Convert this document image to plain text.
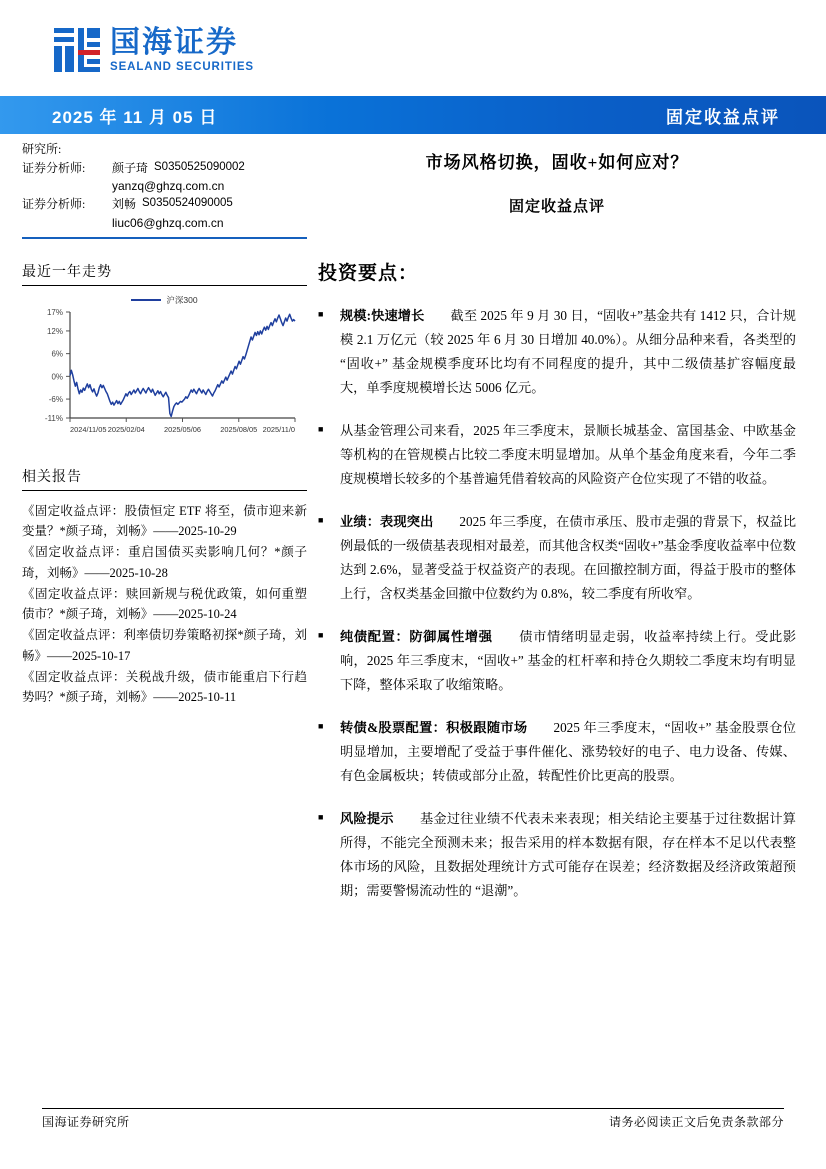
国海证券
SEALAND SECURITIES
2025 年 11 月 05 日	固定收益点评
研究所:
证券分析师:	颜子琦 S0350525090002
yanzq@ghzq.com.cn
证券分析师:	刘畅 S0350524090005
liuc06@ghzq.com.cn
最近一年走势
沪深300
17%
12%
6%
0%
-6%
-11%
2024/11/05 2025/02/04	2025/05/06	2025/08/05 2025/11/0
相关报告
《固定收益点评：股债恒定 ETF 将至，债市迎来新变量？*颜子琦，刘畅》——2025-10-29
《固定收益点评：重启国债买卖影响几何？*颜子琦，刘畅》——2025-10-28
《固定收益点评：赎回新规与税优政策，如何重塑债市？*颜子琦，刘畅》——2025-10-24
《固定收益点评：利率债切券策略初探*颜子琦，刘畅》——2025-10-17
《固定收益点评：关税战升级，债市能重启下行趋势吗？*颜子琦，刘畅》——2025-10-11
市场风格切换，固收+如何应对？
固定收益点评
投资要点：
■	规模:快速增长 截至 2025 年 9 月 30 日，“固收+”基金共有 1412 只，合计规模 2.1 万亿元（较 2025 年 6 月 30 日增加 40.0%）。从细分品种来看，各类型的 “固收+” 基金规模季度环比均有不同程度的提升，其中二级债基扩容幅度最大，单季度规模增长达 5006 亿元。
■	从基金管理公司来看，2025 年三季度末，景顺长城基金、富国基金、中欧基金等机构的在管规模占比较二季度末明显增加。从单个基金角度来看，今年二季度规模增长较多的个基普遍凭借着较高的风险资产仓位实现了不错的收益。
■	业绩：表现突出 2025 年三季度，在债市承压、股市走强的背景下，权益比例最低的一级债基表现相对最差，而其他含权类“固收+”基金季度收益率中位数达到 2.6%，显著受益于权益资产的表现。在回撤控制方面，得益于股市的整体上行，含权类基金回撤中位数约为 0.8%，较二季度有所收窄。
■	纯债配置：防御属性增强 债市情绪明显走弱，收益率持续上行。受此影响，2025 年三季度末，“固收+” 基金的杠杆率和持仓久期较二季度末均有明显下降，整体采取了收缩策略。
■	转债&股票配置：积极跟随市场 2025 年三季度末，“固收+” 基金股票仓位明显增加，主要增配了受益于事件催化、涨势较好的电子、电力设备、传媒、有色金属板块；转债或部分止盈，转配性价比更高的股票。
■	风险提示 基金过往业绩不代表未来表现；相关结论主要基于过往数据计算所得，不能完全预测未来；报告采用的样本数据有限，存在样本不足以代表整体市场的风险，且数据处理统计方式可能存在误差；经济数据及经济政策超预期；需要警惕流动性的 “退潮”。
国海证券研究所	请务必阅读正文后免责条款部分
